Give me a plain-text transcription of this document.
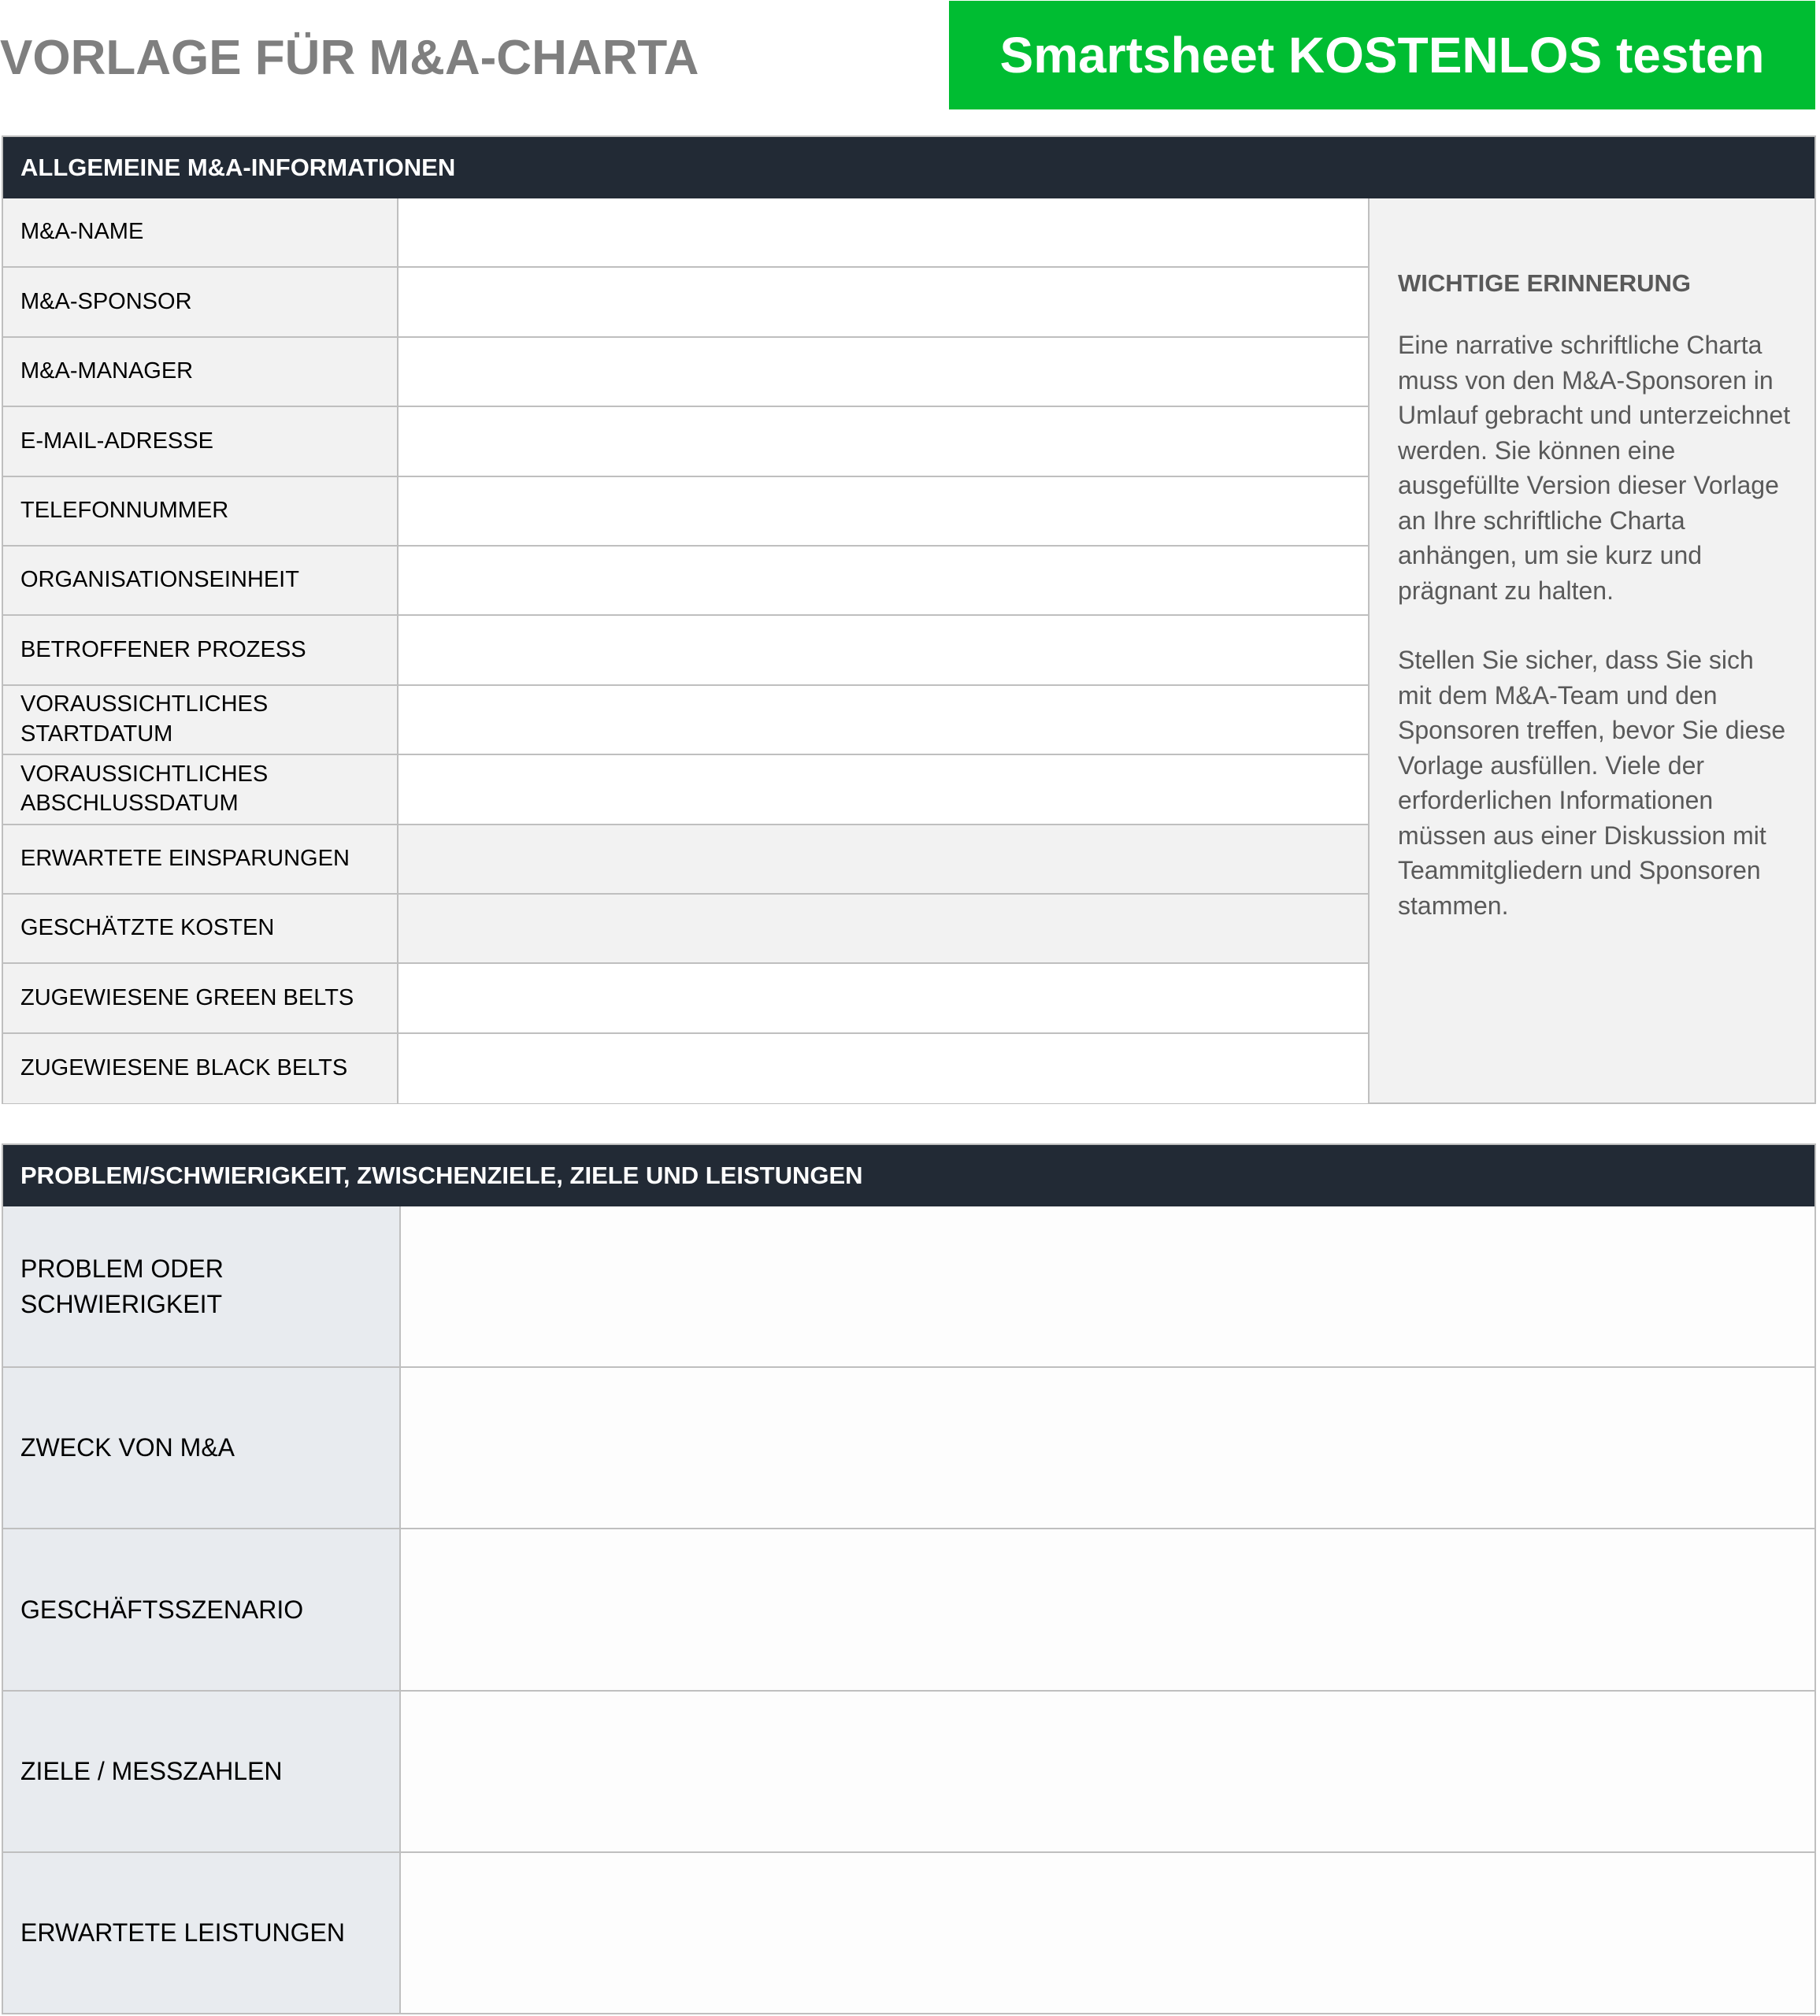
VORLAGE FÜR M&A-CHARTA	Smartsheet KOSTENLOS testen
ALLGEMEINE M&A-INFORMATIONEN
M&A-NAME
M&A-SPONSOR
M&A-MANAGER
E-MAIL-ADRESSE
TELEFONNUMMER
ORGANISATIONSEINHEIT
BETROFFENER PROZESS
VORAUSSICHTLICHES STARTDATUM
VORAUSSICHTLICHES ABSCHLUSSDATUM
ERWARTETE EINSPARUNGEN
GESCHÄTZTE KOSTEN
ZUGEWIESENE GREEN BELTS
ZUGEWIESENE BLACK BELTS
WICHTIGE ERINNERUNG

Eine narrative schriftliche Charta muss von den M&A-Sponsoren in Umlauf gebracht und unterzeichnet werden. Sie können eine ausgefüllte Version dieser Vorlage an Ihre schriftliche Charta anhängen, um sie kurz und prägnant zu halten.

Stellen Sie sicher, dass Sie sich mit dem M&A-Team und den Sponsoren treffen, bevor Sie diese Vorlage ausfüllen. Viele der erforderlichen Informationen müssen aus einer Diskussion mit Teammitgliedern und Sponsoren stammen.

PROBLEM/SCHWIERIGKEIT, ZWISCHENZIELE, ZIELE UND LEISTUNGEN
PROBLEM ODER SCHWIERIGKEIT
ZWECK VON M&A
GESCHÄFTSSZENARIO
ZIELE / MESSZAHLEN
ERWARTETE LEISTUNGEN
